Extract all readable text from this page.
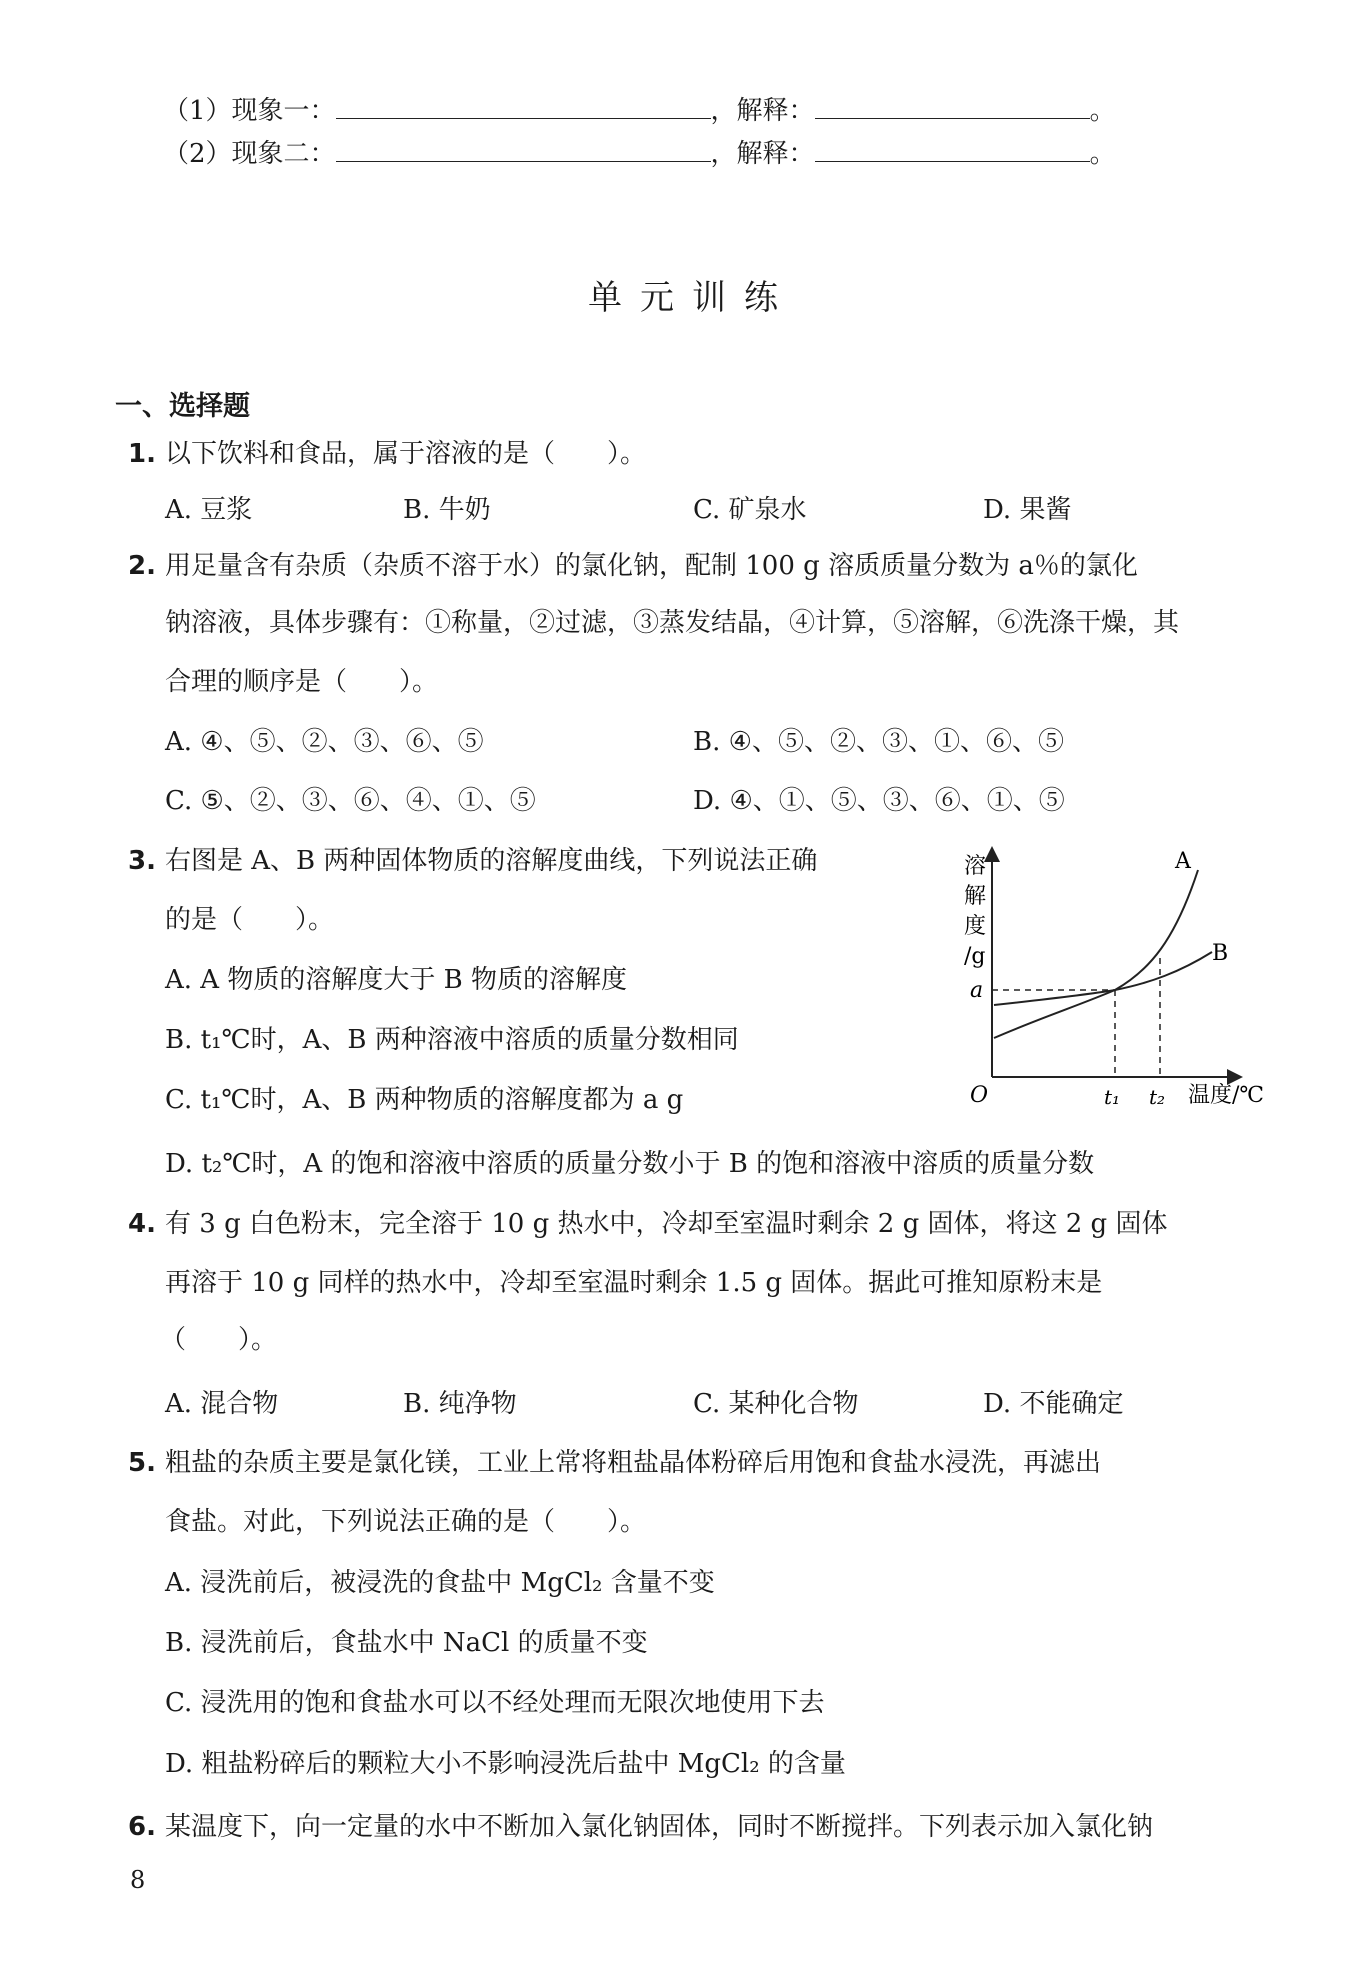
（1）现象一：	，解释：	。
（2）现象二：	，解释：	。
单元训练
一、选择题
1. 以下饮料和食品，属于溶液的是（　　）。
A. 豆浆	B. 牛奶	C. 矿泉水	D. 果酱
2. 用足量含有杂质（杂质不溶于水）的氯化钠，配制 100 g 溶质质量分数为 a％的氯化
钠溶液，具体步骤有：①称量，②过滤，③蒸发结晶，④计算，⑤溶解，⑥洗涤干燥，其
合理的顺序是（　　）。
A. ④、⑤、②、③、⑥、⑤	B. ④、⑤、②、③、①、⑥、⑤
C. ⑤、②、③、⑥、④、①、⑤	D. ④、①、⑤、③、⑥、①、⑤
3. 右图是 A、B 两种固体物质的溶解度曲线，下列说法正确
的是（　　）。
A. A 物质的溶解度大于 B 物质的溶解度
B. t₁℃时，A、B 两种溶液中溶质的质量分数相同
C. t₁℃时，A、B 两种物质的溶解度都为 a g
D. t₂℃时，A 的饱和溶液中溶质的质量分数小于 B 的饱和溶液中溶质的质量分数
溶
解
度
/g
a
O	t₁ t₂ 温度/℃
A
B
4. 有 3 g 白色粉末，完全溶于 10 g 热水中，冷却至室温时剩余 2 g 固体，将这 2 g 固体
再溶于 10 g 同样的热水中，冷却至室温时剩余 1.5 g 固体。据此可推知原粉末是
（　　）。
A. 混合物	B. 纯净物	C. 某种化合物	D. 不能确定
5. 粗盐的杂质主要是氯化镁，工业上常将粗盐晶体粉碎后用饱和食盐水浸洗，再滤出
食盐。对此，下列说法正确的是（　　）。
A. 浸洗前后，被浸洗的食盐中 MgCl₂ 含量不变
B. 浸洗前后，食盐水中 NaCl 的质量不变
C. 浸洗用的饱和食盐水可以不经处理而无限次地使用下去
D. 粗盐粉碎后的颗粒大小不影响浸洗后盐中 MgCl₂ 的含量
6. 某温度下，向一定量的水中不断加入氯化钠固体，同时不断搅拌。下列表示加入氯化钠
8
